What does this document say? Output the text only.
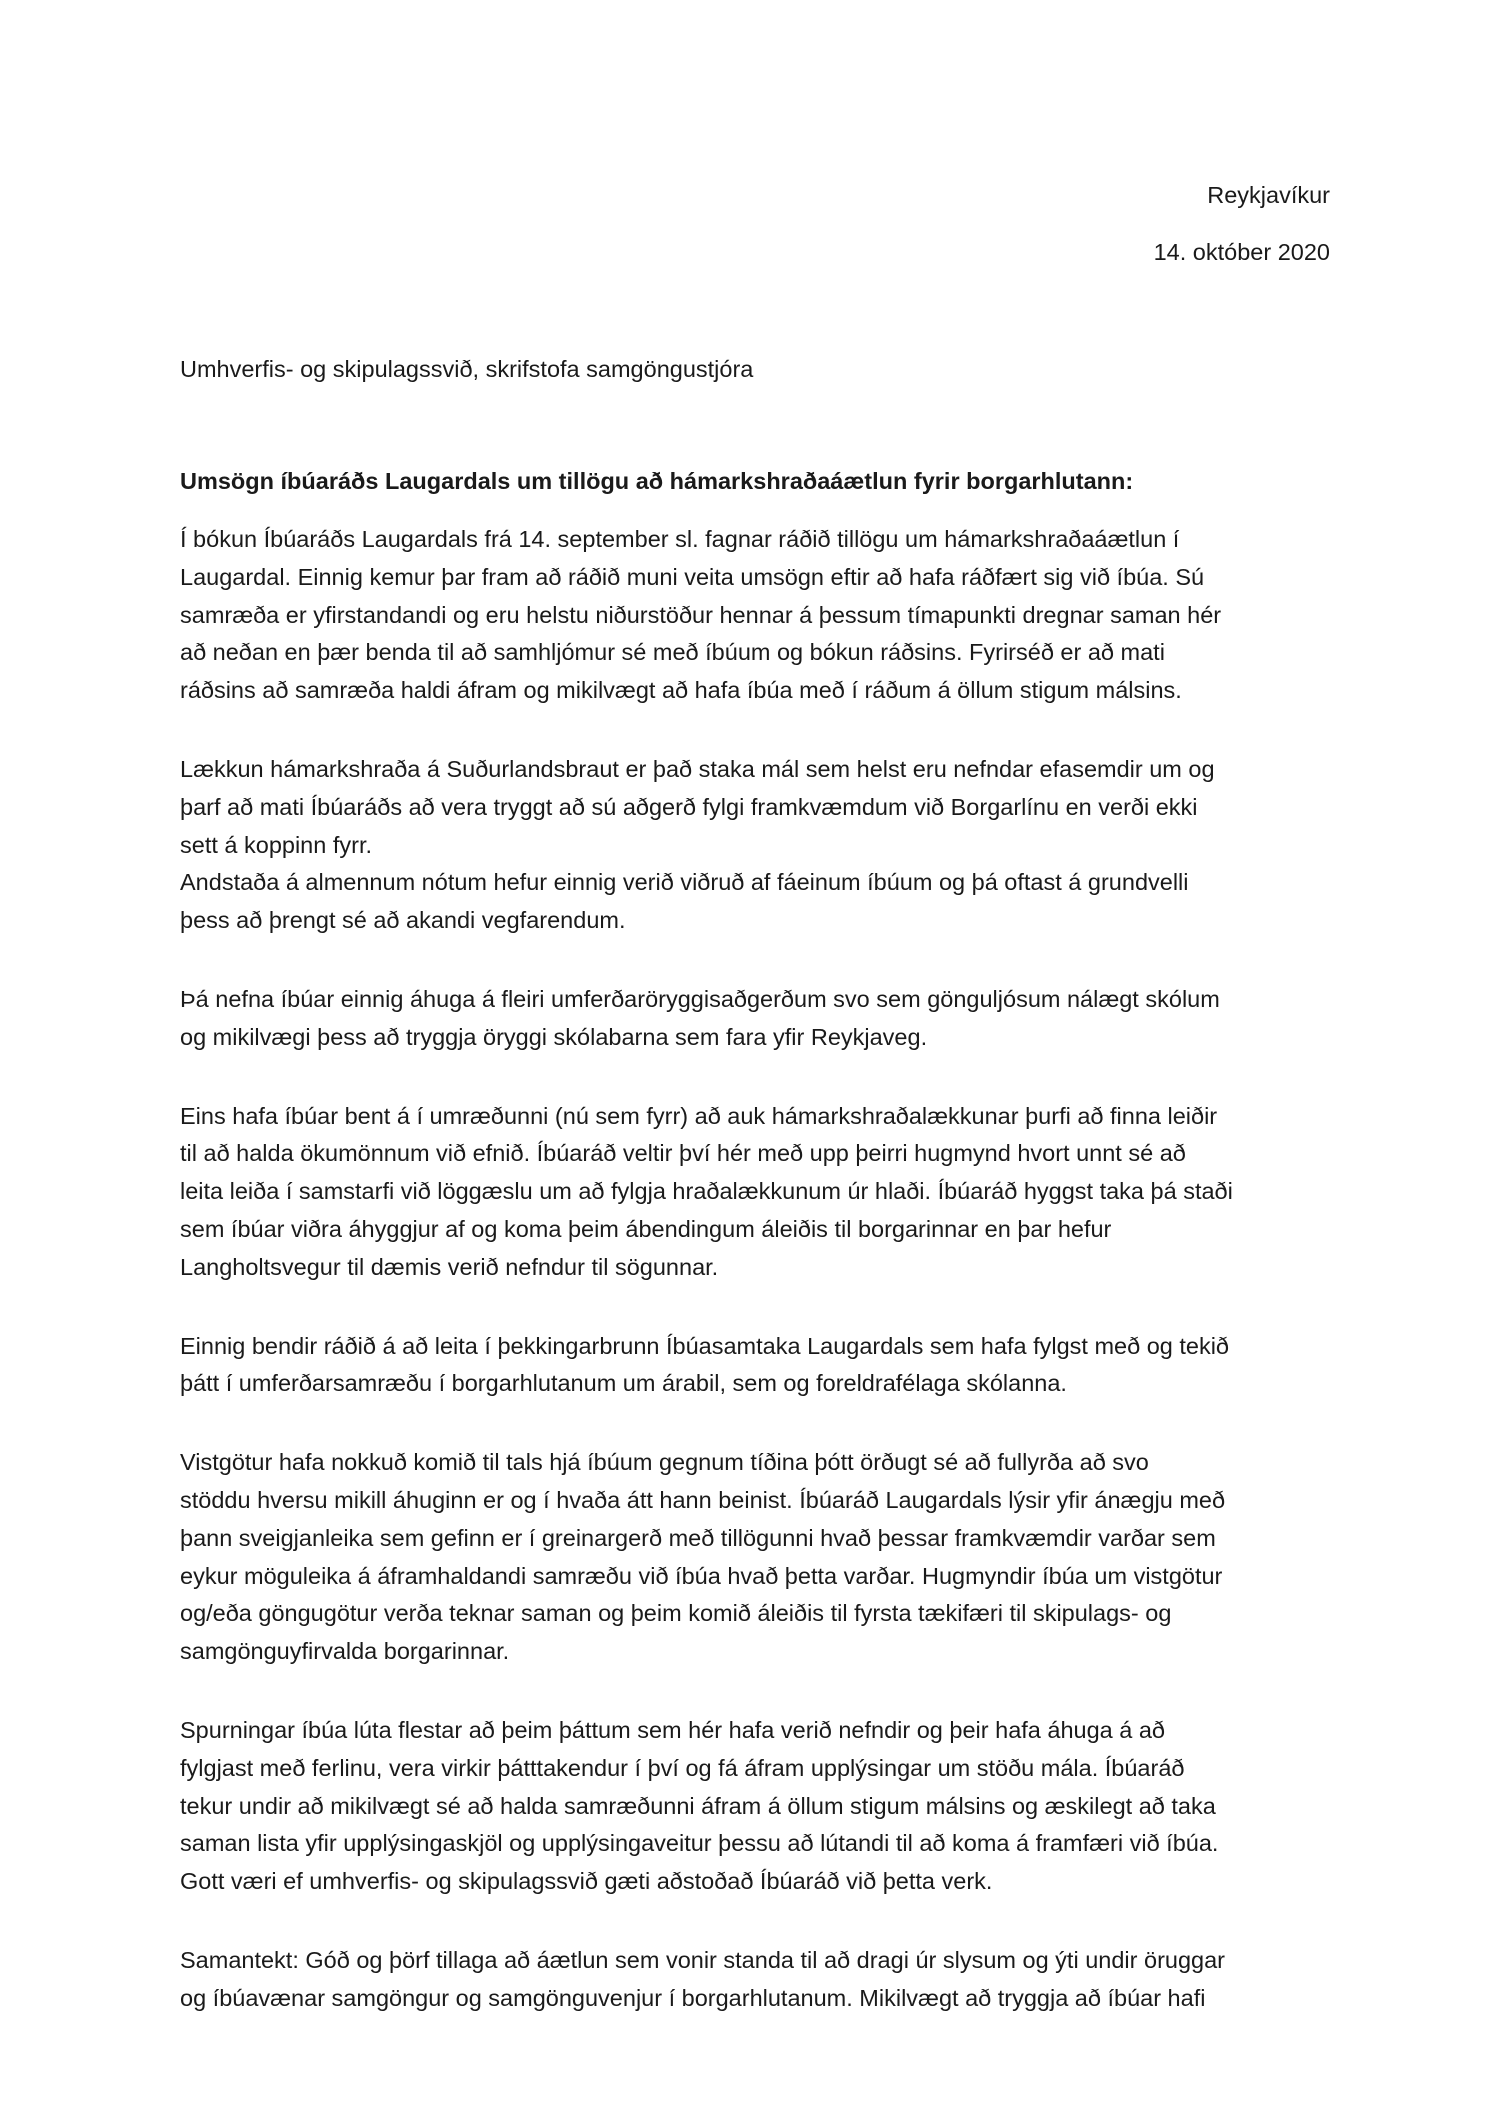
Reykjavíkur
14. október 2020
Umhverfis- og skipulagssvið, skrifstofa samgöngustjóra
Umsögn íbúaráðs Laugardals um tillögu að hámarkshraðaáætlun fyrir borgarhlutann:

Í bókun Íbúaráðs Laugardals frá 14. september sl. fagnar ráðið tillögu um hámarkshraðaáætlun í
Laugardal. Einnig kemur þar fram að ráðið muni veita umsögn eftir að hafa ráðfært sig við íbúa. Sú
samræða er yfirstandandi og eru helstu niðurstöður hennar á þessum tímapunkti dregnar saman hér
að neðan en þær benda til að samhljómur sé með íbúum og bókun ráðsins. Fyrirséð er að mati
ráðsins að samræða haldi áfram og mikilvægt að hafa íbúa með í ráðum á öllum stigum málsins.

Lækkun hámarkshraða á Suðurlandsbraut er það staka mál sem helst eru nefndar efasemdir um og
þarf að mati Íbúaráðs að vera tryggt að sú aðgerð fylgi framkvæmdum við Borgarlínu en verði ekki
sett á koppinn fyrr.
Andstaða á almennum nótum hefur einnig verið viðruð af fáeinum íbúum og þá oftast á grundvelli
þess að þrengt sé að akandi vegfarendum.

Þá nefna íbúar einnig áhuga á fleiri umferðaröryggisaðgerðum svo sem gönguljósum nálægt skólum
og mikilvægi þess að tryggja öryggi skólabarna sem fara yfir Reykjaveg.

Eins hafa íbúar bent á í umræðunni (nú sem fyrr) að auk hámarkshraðalækkunar þurfi að finna leiðir
til að halda ökumönnum við efnið. Íbúaráð veltir því hér með upp þeirri hugmynd hvort unnt sé að
leita leiða í samstarfi við löggæslu um að fylgja hraðalækkunum úr hlaði. Íbúaráð hyggst taka þá staði
sem íbúar viðra áhyggjur af og koma þeim ábendingum áleiðis til borgarinnar en þar hefur
Langholtsvegur til dæmis verið nefndur til sögunnar.

Einnig bendir ráðið á að leita í þekkingarbrunn Íbúasamtaka Laugardals sem hafa fylgst með og tekið
þátt í umferðarsamræðu í borgarhlutanum um árabil, sem og foreldrafélaga skólanna.

Vistgötur hafa nokkuð komið til tals hjá íbúum gegnum tíðina þótt örðugt sé að fullyrða að svo
stöddu hversu mikill áhuginn er og í hvaða átt hann beinist. Íbúaráð Laugardals lýsir yfir ánægju með
þann sveigjanleika sem gefinn er í greinargerð með tillögunni hvað þessar framkvæmdir varðar sem
eykur möguleika á áframhaldandi samræðu við íbúa hvað þetta varðar. Hugmyndir íbúa um vistgötur
og/eða göngugötur verða teknar saman og þeim komið áleiðis til fyrsta tækifæri til skipulags- og
samgönguyfirvalda borgarinnar.

Spurningar íbúa lúta flestar að þeim þáttum sem hér hafa verið nefndir og þeir hafa áhuga á að
fylgjast með ferlinu, vera virkir þátttakendur í því og fá áfram upplýsingar um stöðu mála. Íbúaráð
tekur undir að mikilvægt sé að halda samræðunni áfram á öllum stigum málsins og æskilegt að taka
saman lista yfir upplýsingaskjöl og upplýsingaveitur þessu að lútandi til að koma á framfæri við íbúa.
Gott væri ef umhverfis- og skipulagssvið gæti aðstoðað Íbúaráð við þetta verk.

Samantekt: Góð og þörf tillaga að áætlun sem vonir standa til að dragi úr slysum og ýti undir öruggar
og íbúavænar samgöngur og samgönguvenjur í borgarhlutanum. Mikilvægt að tryggja að íbúar hafi
